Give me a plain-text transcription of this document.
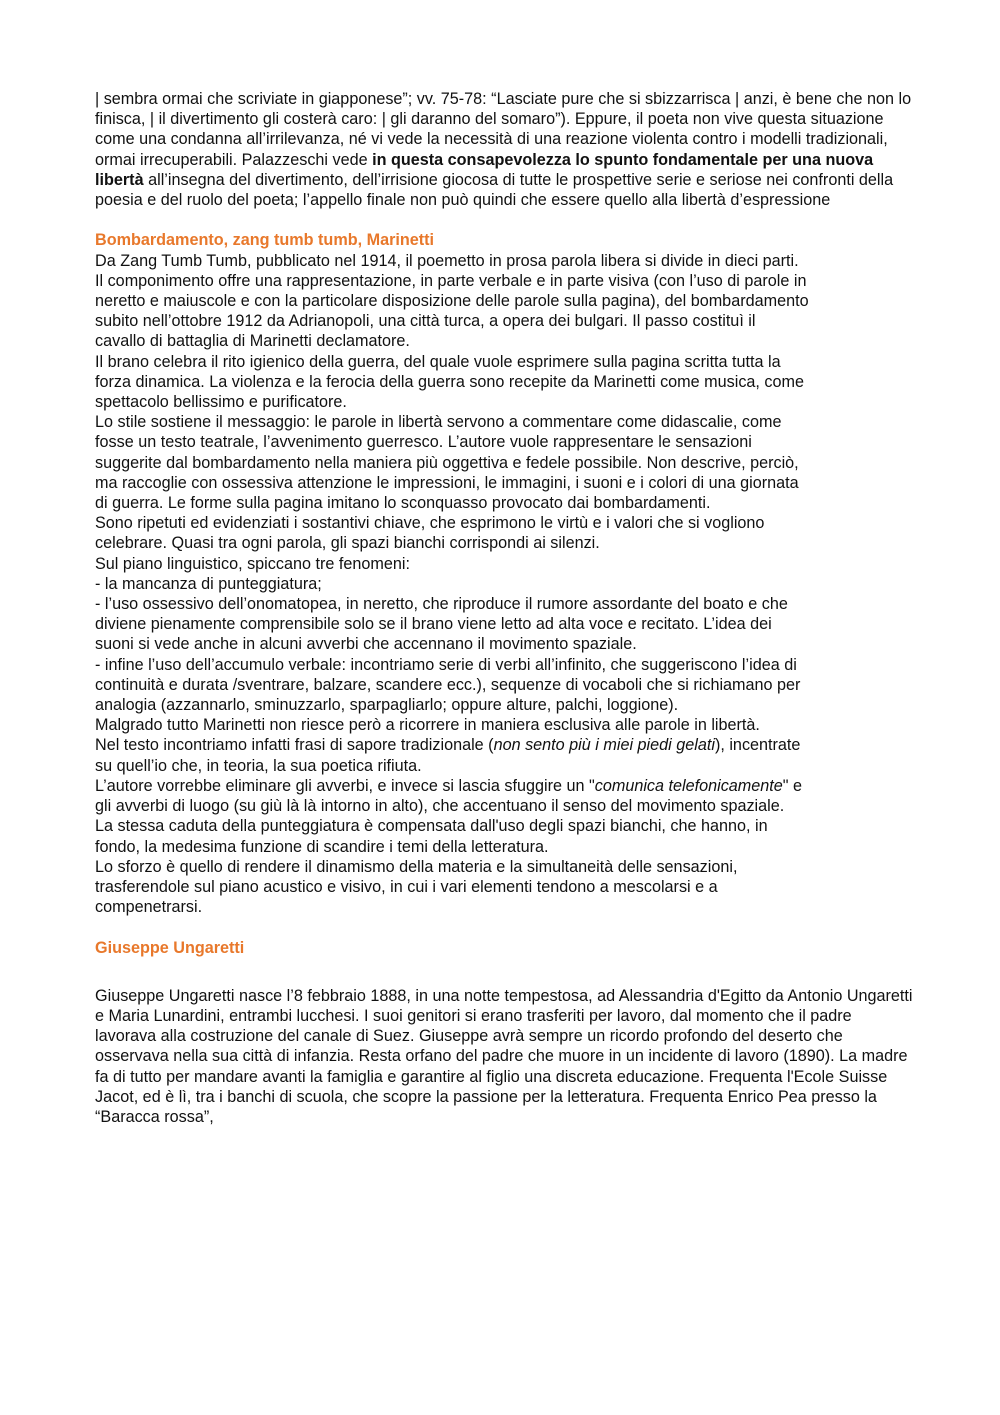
| sembra ormai che scriviate in giapponese”; vv. 75-78: “Lasciate pure che si sbizzarrisca | anzi, è bene che non lo finisca, | il divertimento gli costerà caro: | gli daranno del somaro”). Eppure, il poeta non vive questa situazione come una condanna all’irrilevanza, né vi vede la necessità di una reazione violenta contro i modelli tradizionali, ormai irrecuperabili. Palazzeschi vede in questa consapevolezza lo spunto fondamentale per una nuova libertà all’insegna del divertimento, dell’irrisione giocosa di tutte le prospettive serie e seriose nei confronti della poesia e del ruolo del poeta; l’appello finale non può quindi che essere quello alla libertà d’espressione

Bombardamento, zang tumb tumb, Marinetti

Da Zang Tumb Tumb, pubblicato nel 1914, il poemetto in prosa parola libera si divide in dieci parti.

Il componimento offre una rappresentazione, in parte verbale e in parte visiva (con l’uso di parole in neretto e maiuscole e con la particolare disposizione delle parole sulla pagina), del bombardamento subito nell’ottobre 1912 da Adrianopoli, una città turca, a opera dei bulgari. Il passo costituì il cavallo di battaglia di Marinetti declamatore.

Il brano celebra il rito igienico della guerra, del quale vuole esprimere sulla pagina scritta tutta la forza dinamica. La violenza e la ferocia della guerra sono recepite da Marinetti come musica, come spettacolo bellissimo e purificatore.

Lo stile sostiene il messaggio: le parole in libertà servono a commentare come didascalie, come fosse un testo teatrale, l’avvenimento guerresco. L’autore vuole rappresentare le sensazioni suggerite dal bombardamento nella maniera più oggettiva e fedele possibile. Non descrive, perciò, ma raccoglie con ossessiva attenzione le impressioni, le immagini, i suoni e i colori di una giornata di guerra. Le forme sulla pagina imitano lo sconquasso provocato dai bombardamenti.

Sono ripetuti ed evidenziati i sostantivi chiave, che esprimono le virtù e i valori che si vogliono celebrare. Quasi tra ogni parola, gli spazi bianchi corrispondi ai silenzi.

Sul piano linguistico, spiccano tre fenomeni:

- la mancanza di punteggiatura;

- l’uso ossessivo dell’onomatopea, in neretto, che riproduce il rumore assordante del boato e che diviene pienamente comprensibile solo se il brano viene letto ad alta voce e recitato. L’idea dei suoni si vede anche in alcuni avverbi che accennano il movimento spaziale.

- infine l’uso dell’accumulo verbale: incontriamo serie di verbi all’infinito, che suggeriscono l’idea di continuità e durata /sventrare, balzare, scandere ecc.), sequenze di vocaboli che si richiamano per analogia (azzannarlo, sminuzzarlo, sparpagliarlo; oppure alture, palchi, loggione).

Malgrado tutto Marinetti non riesce però a ricorrere in maniera esclusiva alle parole in libertà.

Nel testo incontriamo infatti frasi di sapore tradizionale (non sento più i miei piedi gelati), incentrate su quell’io che, in teoria, la sua poetica rifiuta.

L’autore vorrebbe eliminare gli avverbi, e invece si lascia sfuggire un "comunica telefonicamente" e gli avverbi di luogo (su giù là là intorno in alto), che accentuano il senso del movimento spaziale.

La stessa caduta della punteggiatura è compensata dall'uso degli spazi bianchi, che hanno, in fondo, la medesima funzione di scandire i temi della letteratura.

Lo sforzo è quello di rendere il dinamismo della materia e la simultaneità delle sensazioni, trasferendole sul piano acustico e visivo, in cui i vari elementi tendono a mescolarsi e a compenetrarsi.

Giuseppe Ungaretti

Giuseppe Ungaretti nasce l’8 febbraio 1888, in una notte tempestosa, ad Alessandria d'Egitto da Antonio Ungaretti e Maria Lunardini, entrambi lucchesi. I suoi genitori si erano trasferiti per lavoro, dal momento che il padre lavorava alla costruzione del canale di Suez. Giuseppe avrà sempre un ricordo profondo del deserto che osservava nella sua città di infanzia. Resta orfano del padre che muore in un incidente di lavoro (1890). La madre fa di tutto per mandare avanti la famiglia e garantire al figlio una discreta educazione. Frequenta l'Ecole Suisse Jacot, ed è lì, tra i banchi di scuola, che scopre la passione per la letteratura. Frequenta Enrico Pea presso la “Baracca rossa”,
